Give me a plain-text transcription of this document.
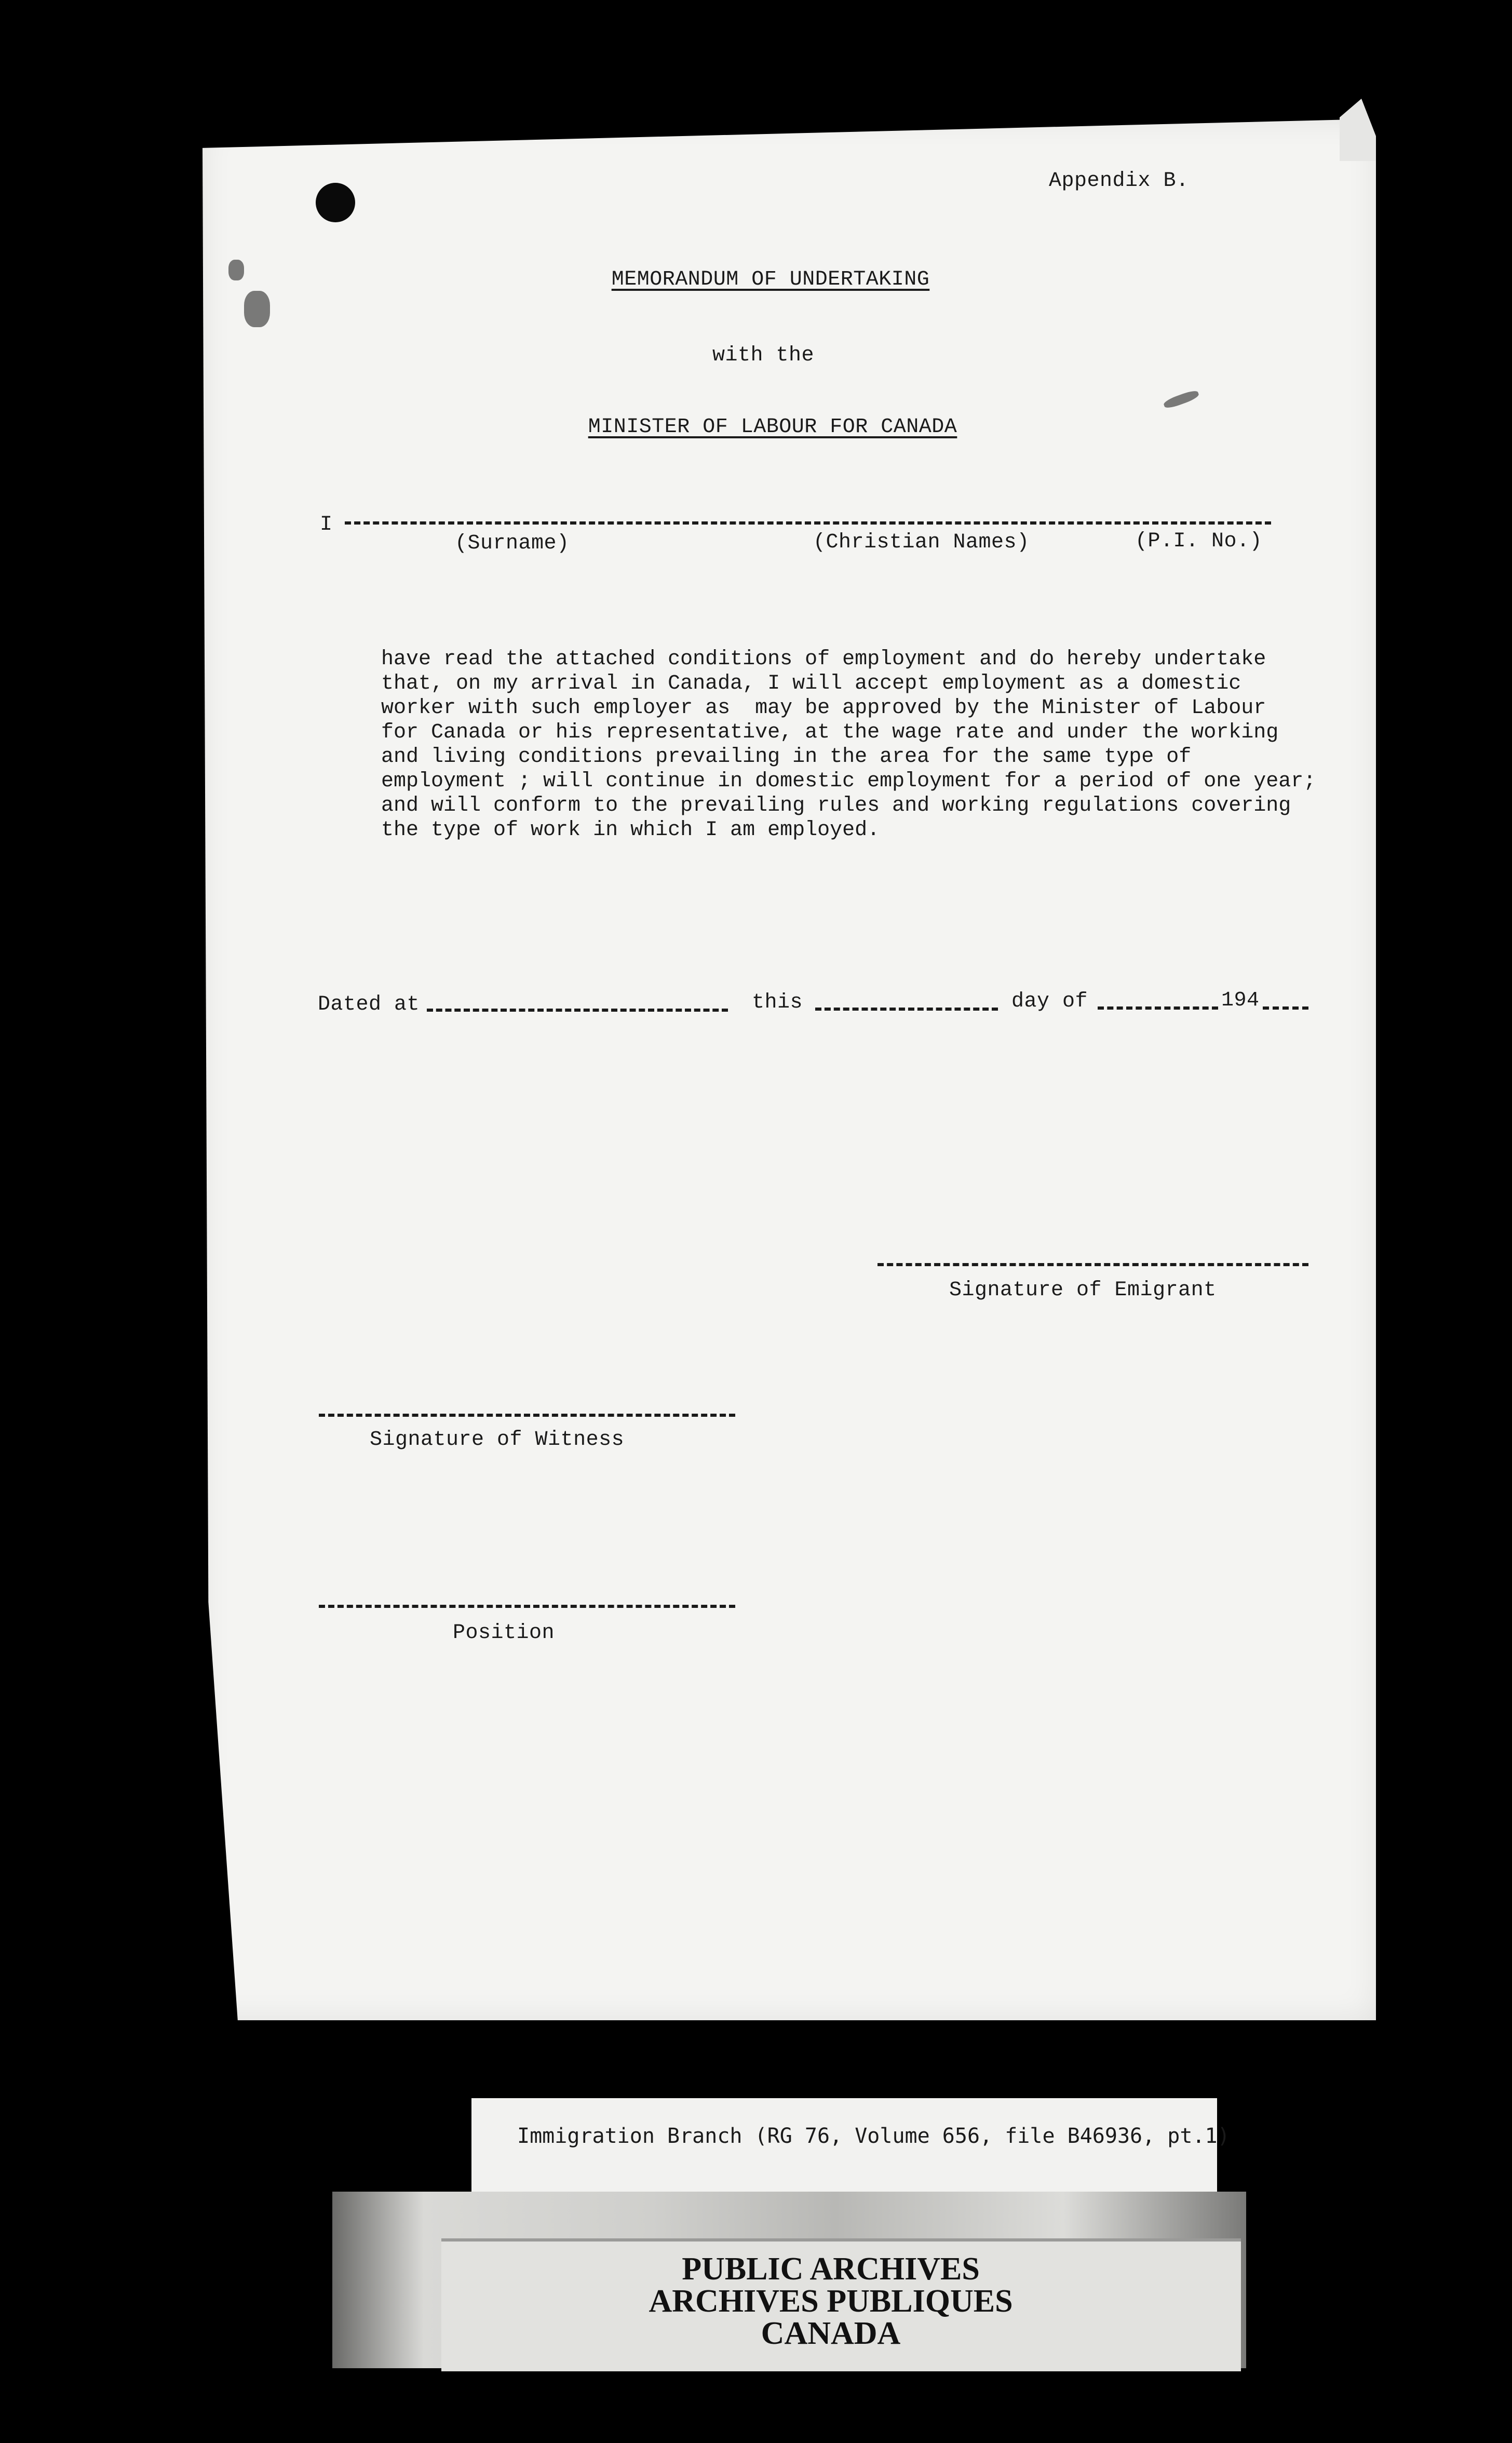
Appendix B.
MEMORANDUM OF UNDERTAKING
with the
MINISTER OF LABOUR FOR CANADA
I
(Surname)	(Christian Names)	(P.I. No.)
have read the attached conditions of employment and do hereby undertake
that, on my arrival in Canada, I will accept employment as a domestic
worker with such employer as  may be approved by the Minister of Labour
for Canada or his representative, at the wage rate and under the working
and living conditions prevailing in the area for the same type of
employment ; will continue in domestic employment for a period of one year;
and will conform to the prevailing rules and working regulations covering
the type of work in which I am employed.
Dated at	this	day of	194
Signature of Emigrant
Signature of Witness
Position
Immigration Branch (RG 76, Volume 656, file B46936, pt.1)
PUBLIC ARCHIVES
ARCHIVES PUBLIQUES
CANADA
